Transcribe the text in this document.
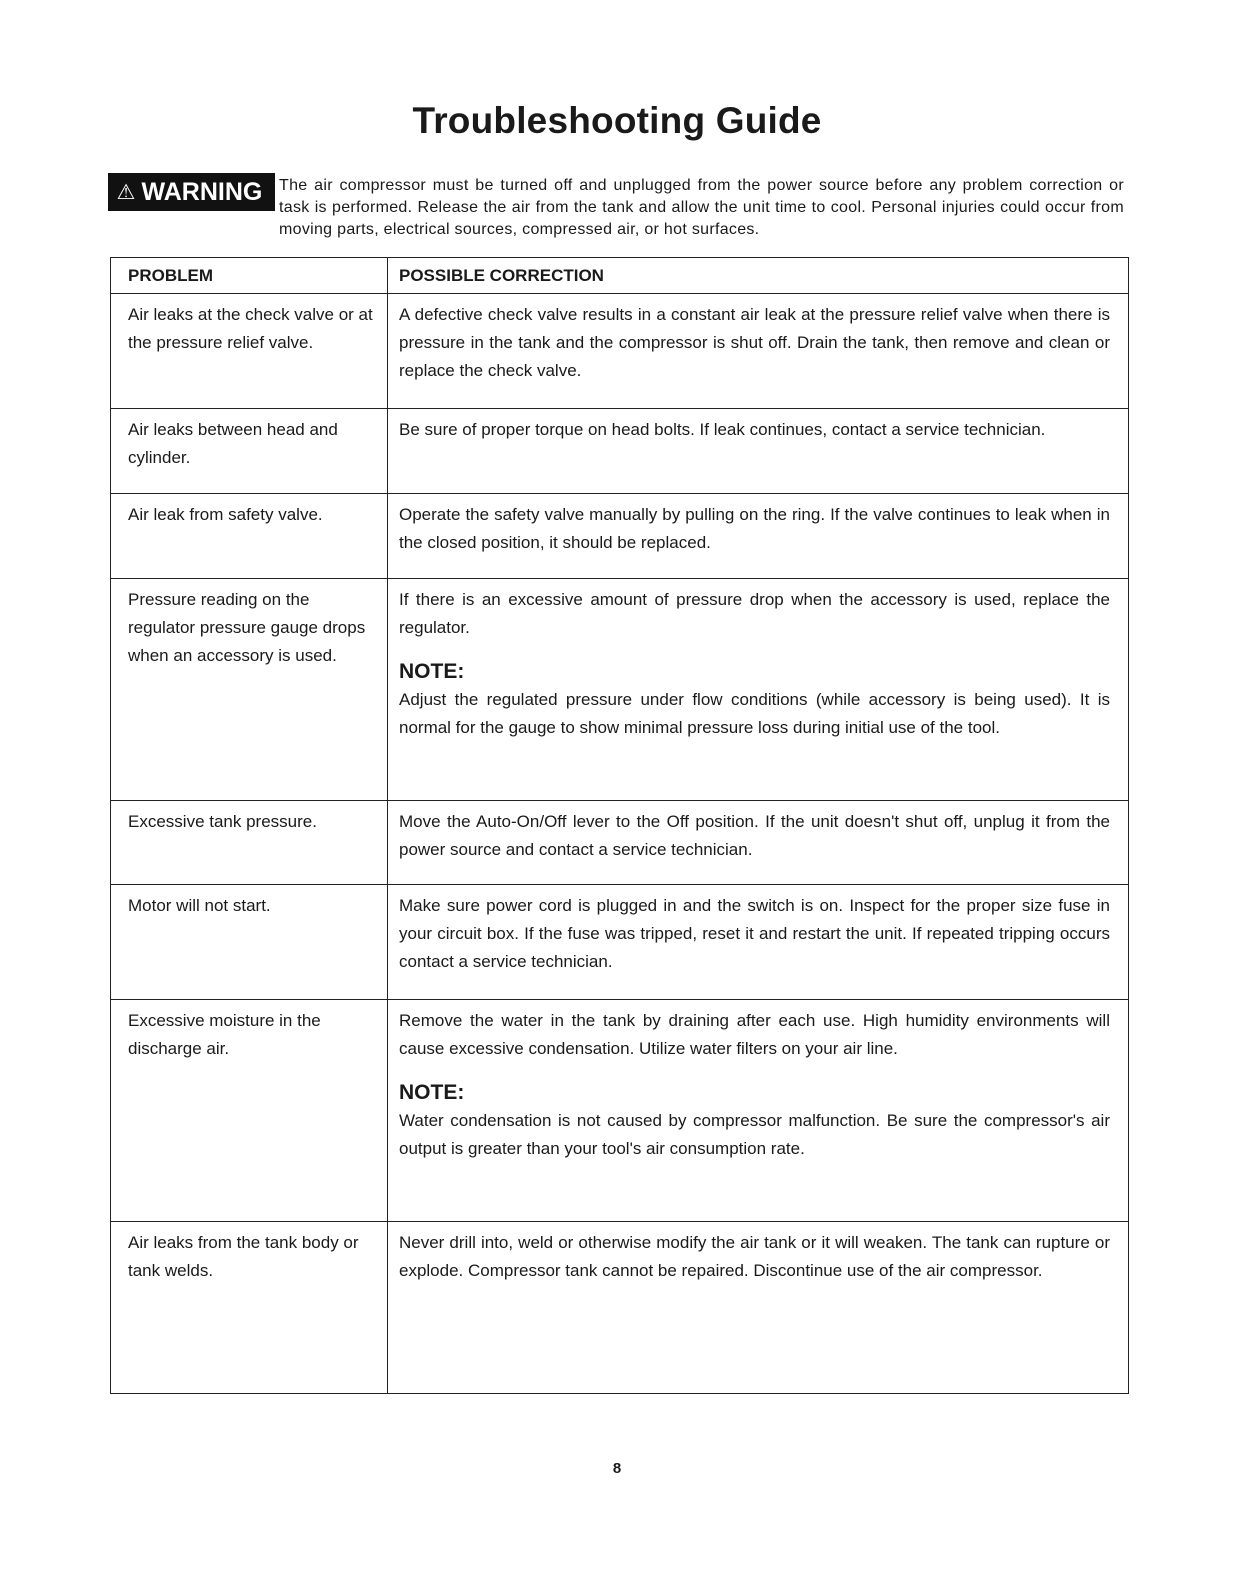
Troubleshooting Guide
⚠ WARNING The air compressor must be turned off and unplugged from the power source before any problem correction or task is performed. Release the air from the tank and allow the unit time to cool. Personal injuries could occur from moving parts, electrical sources, compressed air, or hot surfaces.
PROBLEM	POSSIBLE CORRECTION
Air leaks at the check valve or at the pressure relief valve.	A defective check valve results in a constant air leak at the pressure relief valve when there is pressure in the tank and the compressor is shut off. Drain the tank, then remove and clean or replace the check valve.
Air leaks between head and cylinder.	Be sure of proper torque on head bolts. If leak continues, contact a service technician.
Air leak from safety valve.	Operate the safety valve manually by pulling on the ring. If the valve continues to leak when in the closed position, it should be replaced.
Pressure reading on the regulator pressure gauge drops when an accessory is used.	If there is an excessive amount of pressure drop when the accessory is used, replace the regulator.
NOTE:
Adjust the regulated pressure under flow conditions (while accessory is being used). It is normal for the gauge to show minimal pressure loss during initial use of the tool.

Excessive tank pressure.	Move the Auto-On/Off lever to the Off position. If the unit doesn't shut off, unplug it from the power source and contact a service technician.
Motor will not start.	Make sure power cord is plugged in and the switch is on. Inspect for the proper size fuse in your circuit box. If the fuse was tripped, reset it and restart the unit. If repeated tripping occurs contact a service technician.
Excessive moisture in the discharge air.	Remove the water in the tank by draining after each use. High humidity environments will cause excessive condensation. Utilize water filters on your air line.
NOTE:
Water condensation is not caused by compressor malfunction. Be sure the compressor's air output is greater than your tool's air consumption rate.

Air leaks from the tank body or tank welds.	Never drill into, weld or otherwise modify the air tank or it will weaken. The tank can rupture or explode. Compressor tank cannot be repaired. Discontinue use of the air compressor.
8
